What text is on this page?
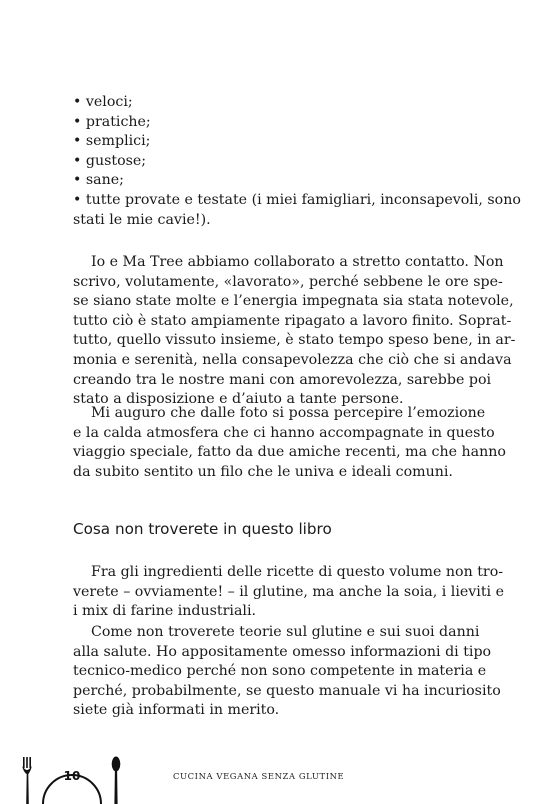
• veloci;
• pratiche;
• semplici;
• gustose;
• sane;
• tutte provate e testate (i miei famigliari, inconsapevoli, sono
stati le mie cavie!).
Io e Ma Tree abbiamo collaborato a stretto contatto. Non
scrivo, volutamente, «lavorato», perché sebbene le ore spe-
se siano state molte e l’energia impegnata sia stata notevole,
tutto ciò è stato ampiamente ripagato a lavoro finito. Soprat-
tutto, quello vissuto insieme, è stato tempo speso bene, in ar-
monia e serenità, nella consapevolezza che ciò che si andava
creando tra le nostre mani con amorevolezza, sarebbe poi
stato a disposizione e d’aiuto a tante persone.
Mi auguro che dalle foto si possa percepire l’emozione
e la calda atmosfera che ci hanno accompagnate in questo
viaggio speciale, fatto da due amiche recenti, ma che hanno
da subito sentito un filo che le univa e ideali comuni.
Cosa non troverete in questo libro
Fra gli ingredienti delle ricette di questo volume non tro-
verete – ovviamente! – il glutine, ma anche la soia, i lieviti e
i mix di farine industriali.
Come non troverete teorie sul glutine e sui suoi danni
alla salute. Ho appositamente omesso informazioni di tipo
tecnico-medico perché non sono competente in materia e
perché, probabilmente, se questo manuale vi ha incuriosito
siete già informati in merito.
10	CUCINA VEGANA SENZA GLUTINE
